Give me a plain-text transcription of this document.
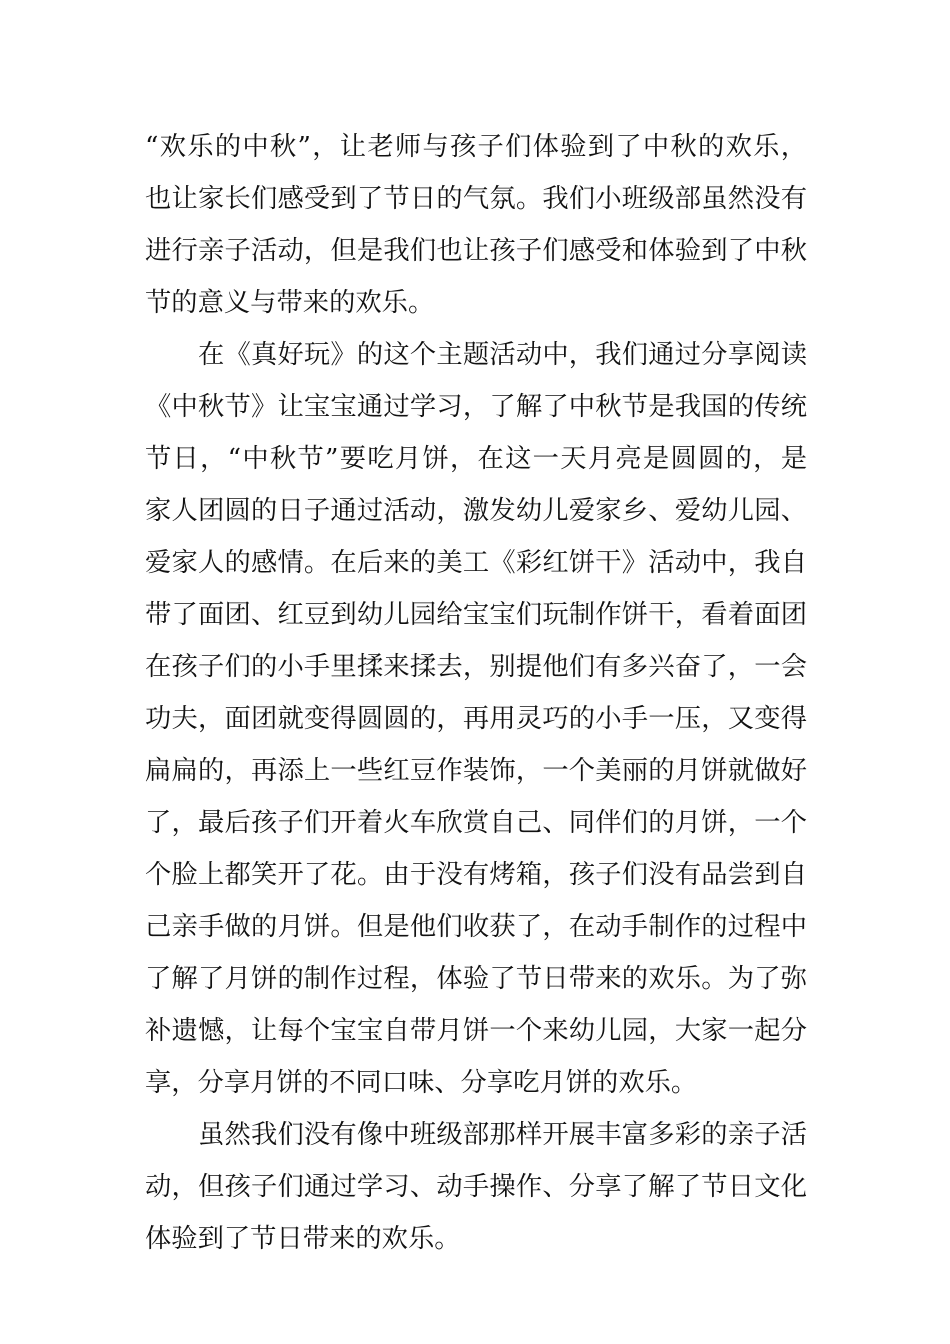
“欢乐的中秋”，让老师与孩子们体验到了中秋的欢乐，
也让家长们感受到了节日的气氛。我们小班级部虽然没有
进行亲子活动，但是我们也让孩子们感受和体验到了中秋
节的意义与带来的欢乐。
　　在《真好玩》的这个主题活动中，我们通过分享阅读
《中秋节》让宝宝通过学习，了解了中秋节是我国的传统
节日，“中秋节”要吃月饼，在这一天月亮是圆圆的，是
家人团圆的日子通过活动，激发幼儿爱家乡、爱幼儿园、
爱家人的感情。在后来的美工《彩红饼干》活动中，我自
带了面团、红豆到幼儿园给宝宝们玩制作饼干，看着面团
在孩子们的小手里揉来揉去，别提他们有多兴奋了，一会
功夫，面团就变得圆圆的，再用灵巧的小手一压，又变得
扁扁的，再添上一些红豆作装饰，一个美丽的月饼就做好
了，最后孩子们开着火车欣赏自己、同伴们的月饼，一个
个脸上都笑开了花。由于没有烤箱，孩子们没有品尝到自
己亲手做的月饼。但是他们收获了，在动手制作的过程中
了解了月饼的制作过程，体验了节日带来的欢乐。为了弥
补遗憾，让每个宝宝自带月饼一个来幼儿园，大家一起分
享，分享月饼的不同口味、分享吃月饼的欢乐。
　　虽然我们没有像中班级部那样开展丰富多彩的亲子活
动，但孩子们通过学习、动手操作、分享了解了节日文化
体验到了节日带来的欢乐。
